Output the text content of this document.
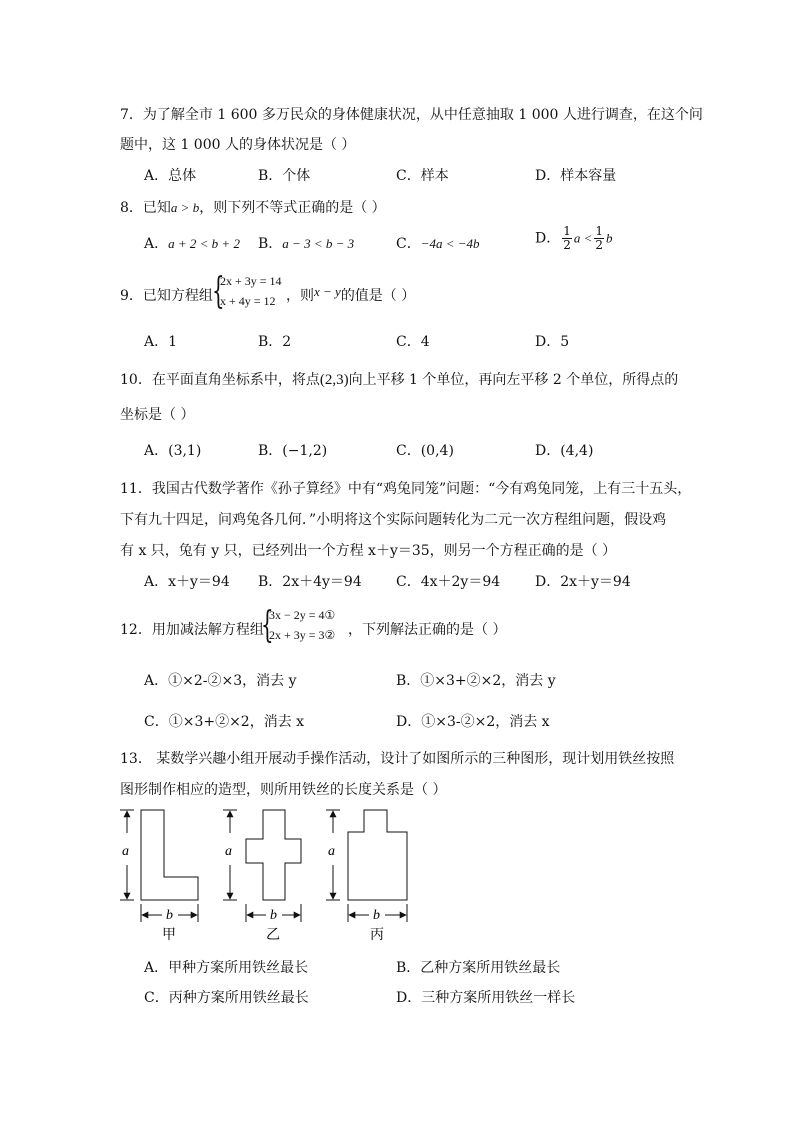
7．为了解全市 1 600 多万民众的身体健康状况，从中任意抽取 1 000 人进行调查，在这个问
题中，这 1 000 人的身体状况是（ ）
A．总体	B．个体	C．样本	D．样本容量
8．已知a > b，则下列不等式正确的是（ ）
A．a + 2 < b + 2 B．a − 3 < b − 3	C．−4a < −4b	D． $\frac{1}{2}$ $a < \frac{1}{2}$ b
9．已知方程组 {
2x + 3y = 14
x + 4y = 12 ，则x − y的值是（ ）
A．1	B．2	C．4	D．5
10．在平面直角坐标系中，将点(2,3)向上平移 1 个单位，再向左平移 2 个单位，所得点的
坐标是（ ）
A．(3,1)	B．(−1,2)	C．(0,4)	D．(4,4)
11．我国古代数学著作《孙子算经》中有“鸡兔同笼”问题：“今有鸡兔同笼，上有三十五头，
下有九十四足，问鸡兔各几何．”小明将这个实际问题转化为二元一次方程组问题，假设鸡
有 x 只，兔有 y 只，已经列出一个方程 x＋y＝35，则另一个方程正确的是（ ）
A．x＋y＝94 B．2x＋4y＝94 C．4x＋2y＝94 D．2x＋y＝94
12．用加减法解方程组
{
3x − 2y = 4①
2x + 3y = 3② ，下列解法正确的是（ ）
A．①×2-②×3，消去 y	B．①×3+②×2，消去 y
C．①×3+②×2，消去 x	D．①×3-②×2，消去 x
13． 某数学兴趣小组开展动手操作活动，设计了如图所示的三种图形，现计划用铁丝按照
图形制作相应的造型，则所用铁丝的长度关系是（ ）
a
b
甲
a
b
乙
a
b
丙
A．甲种方案所用铁丝最长	B．乙种方案所用铁丝最长
C．丙种方案所用铁丝最长	D．三种方案所用铁丝一样长
